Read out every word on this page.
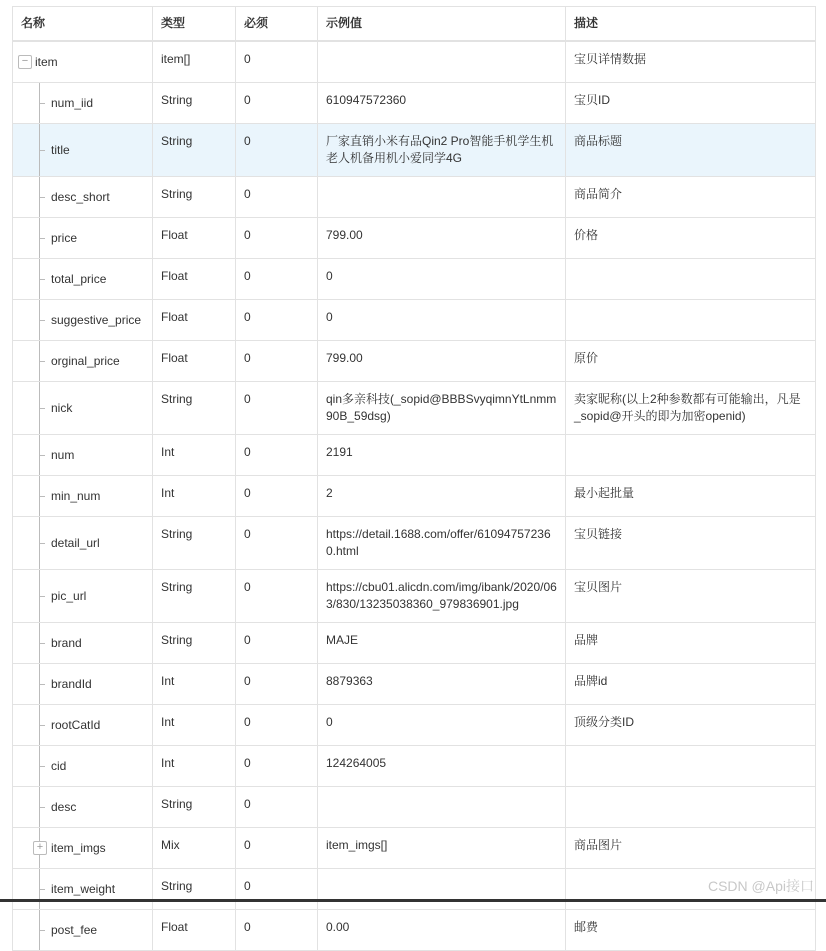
名称	类型	必须	示例值	描述

− item	item[]	0		宝贝详情数据

num_iid	String	0	610947572360	宝贝ID

title	String	0	厂家直销小米有品Qin2 Pro智能手机学生机老人机备用机小爱同学4G	商品标题

desc_short	String	0		商品简介

price	Float	0	799.00	价格

total_price	Float	0	0	

suggestive_price	Float	0	0	

orginal_price	Float	0	799.00	原价

nick	String	0	qin多亲科技(_sopid@BBBSvyqimnYtLnmm90B_59dsg)	卖家昵称(以上2种参数都有可能输出，凡是_sopid@开头的即为加密openid)

num	Int	0	2191	

min_num	Int	0	2	最小起批量

detail_url	String	0	https://detail.1688.com/offer/610947572360.html	宝贝链接

pic_url	String	0	https://cbu01.alicdn.com/img/ibank/2020/063/830/13235038360_979836901.jpg	宝贝图片

brand	String	0	MAJE	品牌

brandId	Int	0	8879363	品牌id

rootCatId	Int	0	0	顶级分类ID

cid	Int	0	124264005	

desc	String	0		

+ item_imgs	Mix	0	item_imgs[]	商品图片

item_weight	String	0		

post_fee	Float	0	0.00	邮费
CSDN @Api接口
